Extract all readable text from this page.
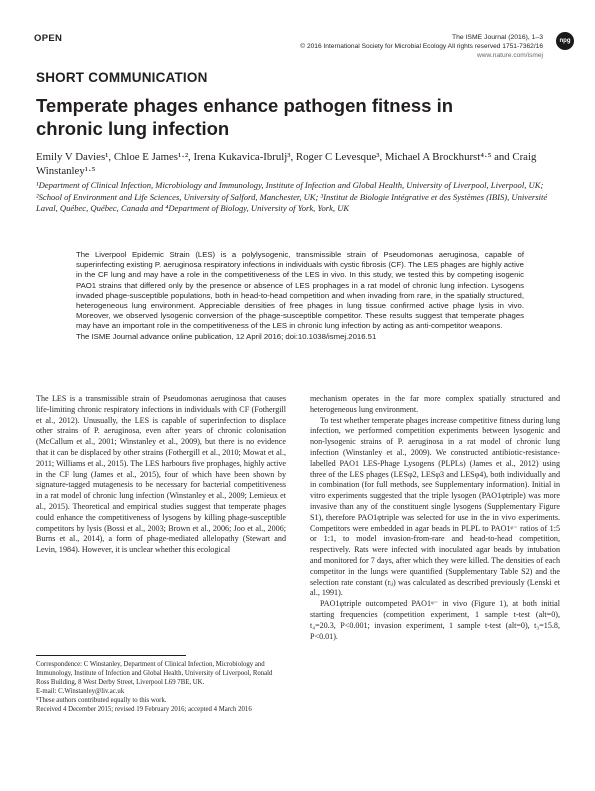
OPEN	The ISME Journal (2016), 1–3
© 2016 International Society for Microbial Ecology All rights reserved 1751-7362/16
www.nature.com/ismej
npg
SHORT COMMUNICATION
Temperate phages enhance pathogen fitness in chronic lung infection
Emily V Davies¹, Chloe E James¹·², Irena Kukavica-Ibrulj³, Roger C Levesque³, Michael A Brockhurst⁴·⁵ and Craig Winstanley¹·⁵
¹Department of Clinical Infection, Microbiology and Immunology, Institute of Infection and Global Health, University of Liverpool, Liverpool, UK; ²School of Environment and Life Sciences, University of Salford, Manchester, UK; ³Institut de Biologie Intégrative et des Systèmes (IBIS), Université Laval, Québec, Québec, Canada and ⁴Department of Biology, University of York, York, UK
The Liverpool Epidemic Strain (LES) is a polylysogenic, transmissible strain of Pseudomonas aeruginosa, capable of superinfecting existing P. aeruginosa respiratory infections in individuals with cystic fibrosis (CF). The LES phages are highly active in the CF lung and may have a role in the competitiveness of the LES in vivo. In this study, we tested this by competing isogenic PAO1 strains that differed only by the presence or absence of LES prophages in a rat model of chronic lung infection. Lysogens invaded phage-susceptible populations, both in head-to-head competition and when invading from rare, in the spatially structured, heterogeneous lung environment. Appreciable densities of free phages in lung tissue confirmed active phage lysis in vivo. Moreover, we observed lysogenic conversion of the phage-susceptible competitor. These results suggest that temperate phages may have an important role in the competitiveness of the LES in chronic lung infection by acting as anti-competitor weapons.
The ISME Journal advance online publication, 12 April 2016; doi:10.1038/ismej.2016.51

The LES is a transmissible strain of Pseudomonas aeruginosa that causes life-limiting chronic respiratory infections in individuals with CF (Fothergill et al., 2012). Unusually, the LES is capable of superinfection to displace other strains of P. aeruginosa, even after years of chronic colonisation (McCallum et al., 2001; Winstanley et al., 2009), but there is no evidence that it can be displaced by other strains (Fothergill et al., 2010; Mowat et al., 2011; Williams et al., 2015). The LES harbours five prophages, highly active in the CF lung (James et al., 2015), four of which have been shown by signature-tagged mutagenesis to be necessary for bacterial competitiveness in a rat model of chronic lung infection (Winstanley et al., 2009; Lemieux et al., 2015). Theoretical and empirical studies suggest that temperate phages could enhance the competitiveness of lysogens by killing phage-susceptible competitors by lysis (Bossi et al., 2003; Brown et al., 2006; Joo et al., 2006; Burns et al., 2014), a form of phage-mediated allelopathy (Stewart and Levin, 1984). However, it is unclear whether this ecological

mechanism operates in the far more complex spatially structured and heterogeneous lung environment.

To test whether temperate phages increase competitive fitness during lung infection, we performed competition experiments between lysogenic and non-lysogenic strains of P. aeruginosa in a rat model of chronic lung infection (Winstanley et al., 2009). We constructed antibiotic-resistance-labelled PAO1 LES-Phage Lysogens (PLPLs) (James et al., 2012) using three of the LES phages (LESφ2, LESφ3 and LESφ4), both individually and in combination (for full methods, see Supplementary information). Initial in vitro experiments suggested that the triple lysogen (PAO1φtriple) was more invasive than any of the constituent single lysogens (Supplementary Figure S1), therefore PAO1φtriple was selected for use in the in vivo experiments. Competitors were embedded in agar beads in PLPL to PAO1ᵠ⁻ ratios of 1:5 or 1:1, to model invasion-from-rare and head-to-head competition, respectively. Rats were infected with inoculated agar beads by intubation and monitored for 7 days, after which they were killed. The densities of each competitor in the lungs were quantified (Supplementary Table S2) and the selection rate constant (rᵢⱼ) was calculated as described previously (Lenski et al., 1991).

PAO1φtriple outcompeted PAO1ᵠ⁻ in vivo (Figure 1), at both initial starting frequencies (competition experiment, 1 sample t-test (alt=0), t₄=20.3, P<0.001; invasion experiment, 1 sample t-test (alt=0), t₃=15.8, P<0.01).

Correspondence: C Winstanley, Department of Clinical Infection, Microbiology and Immunology, Institute of Infection and Global Health, University of Liverpool, Ronald Ross Building, 8 West Derby Street, Liverpool L69 7BE, UK.
E-mail: C.Winstanley@liv.ac.uk
⁵These authors contributed equally to this work.
Received 4 December 2015; revised 19 February 2016; accepted 4 March 2016
